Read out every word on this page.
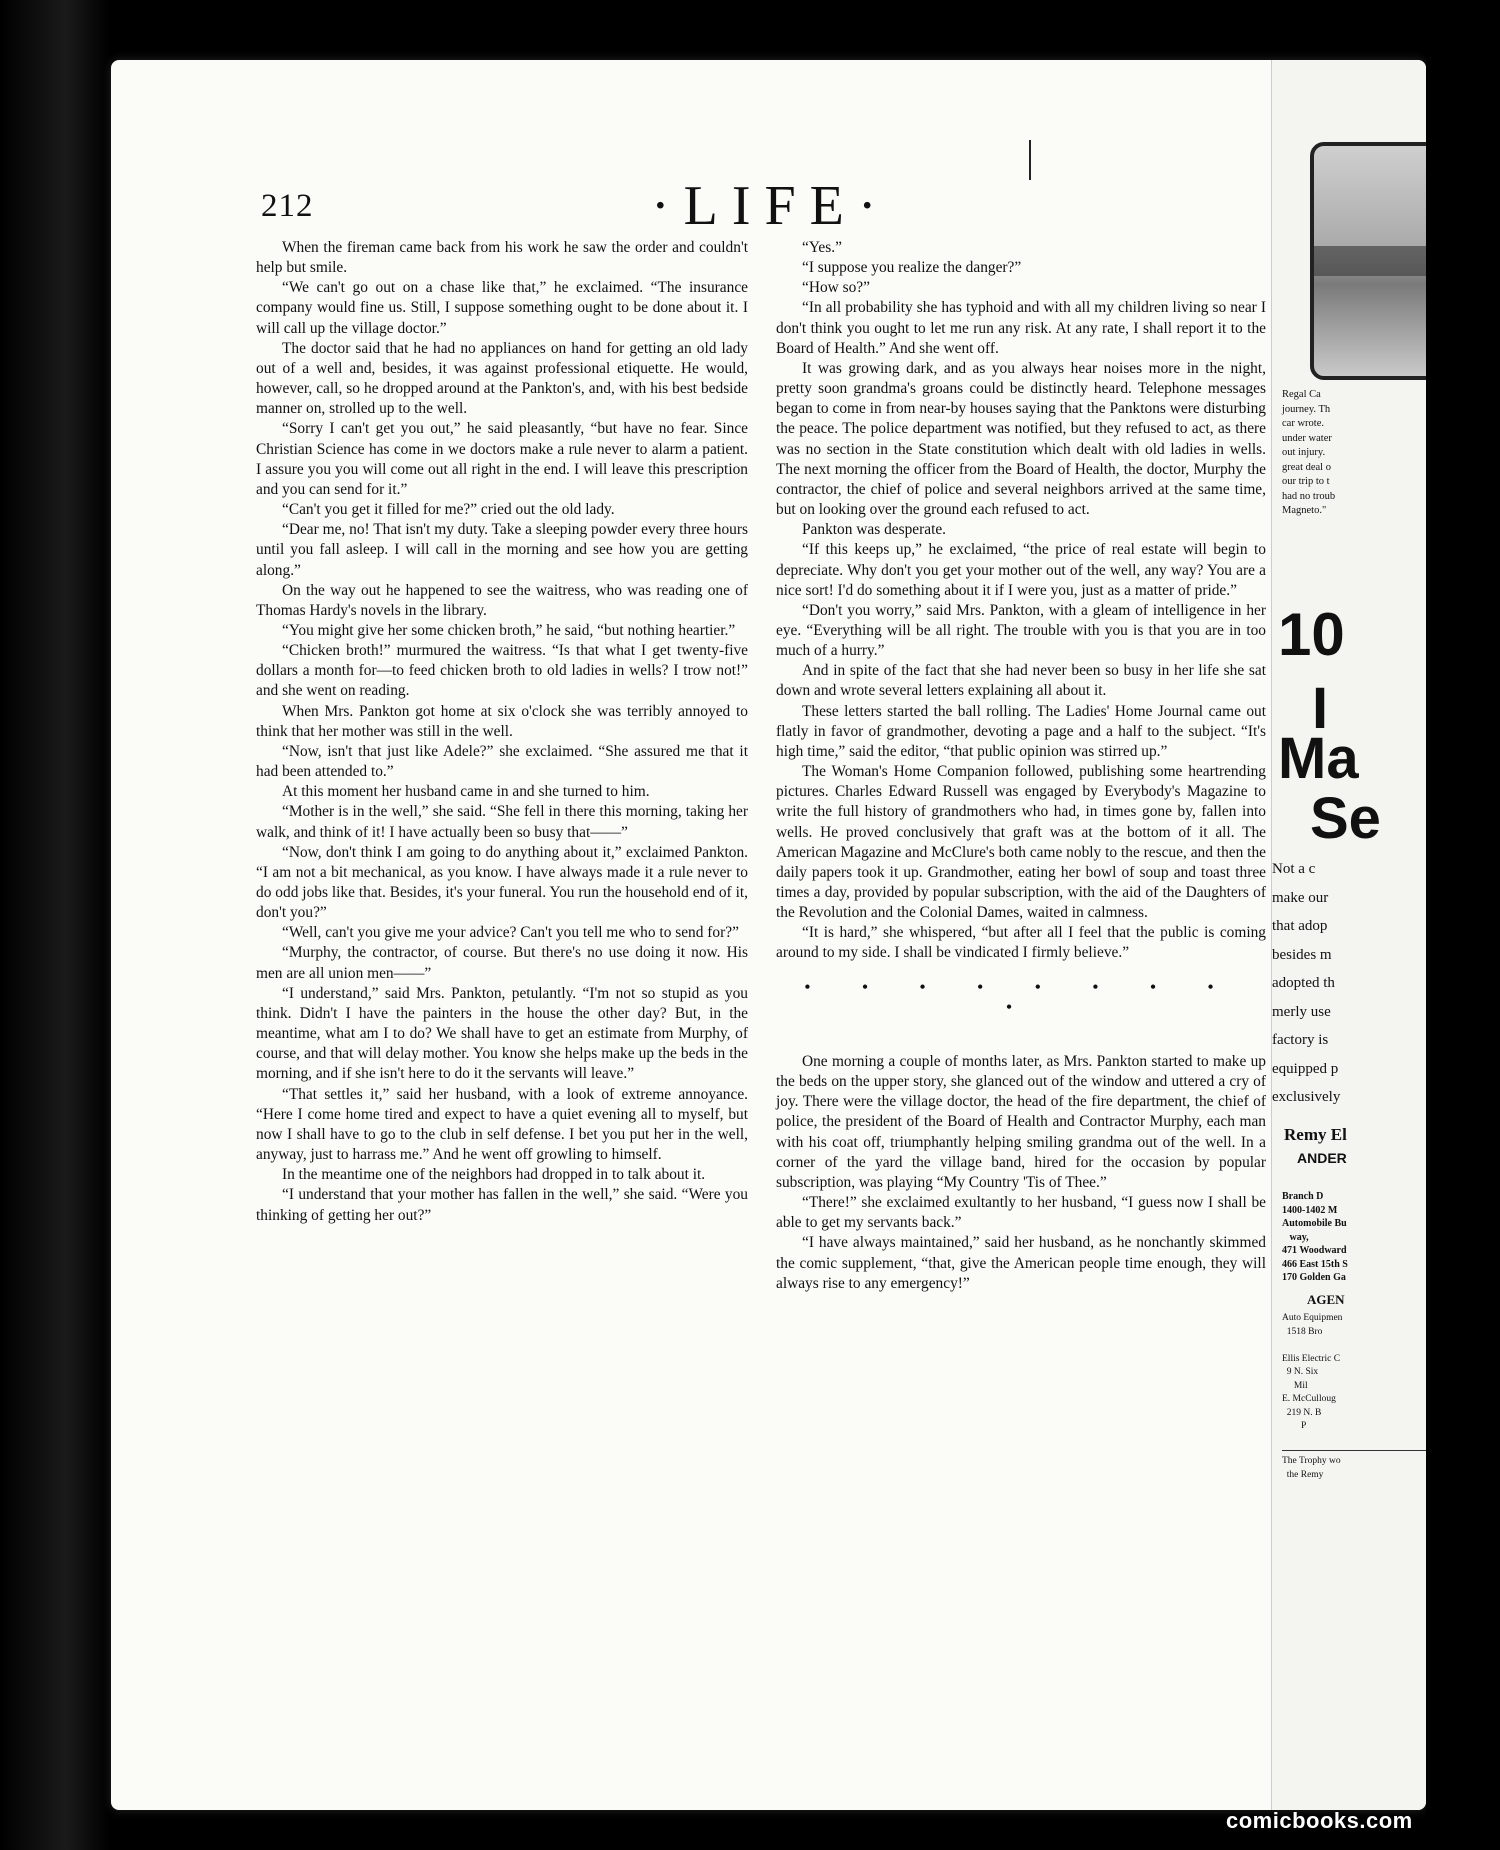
212	·LIFE·

When the fireman came back from his work he saw the order and couldn't help but smile.

“We can't go out on a chase like that,” he exclaimed. “The insurance company would fine us. Still, I suppose something ought to be done about it. I will call up the village doctor.”

The doctor said that he had no appliances on hand for getting an old lady out of a well and, besides, it was against professional etiquette. He would, however, call, so he dropped around at the Pankton's, and, with his best bedside manner on, strolled up to the well.

“Sorry I can't get you out,” he said pleasantly, “but have no fear. Since Christian Science has come in we doctors make a rule never to alarm a patient. I assure you you will come out all right in the end. I will leave this prescription and you can send for it.”

“Can't you get it filled for me?” cried out the old lady.

“Dear me, no! That isn't my duty. Take a sleeping powder every three hours until you fall asleep. I will call in the morning and see how you are getting along.”

On the way out he happened to see the waitress, who was reading one of Thomas Hardy's novels in the library.

“You might give her some chicken broth,” he said, “but nothing heartier.”

“Chicken broth!” murmured the waitress. “Is that what I get twenty-five dollars a month for—to feed chicken broth to old ladies in wells? I trow not!” and she went on reading.

When Mrs. Pankton got home at six o'clock she was terribly annoyed to think that her mother was still in the well.

“Now, isn't that just like Adele?” she exclaimed. “She assured me that it had been attended to.”

At this moment her husband came in and she turned to him.

“Mother is in the well,” she said. “She fell in there this morning, taking her walk, and think of it! I have actually been so busy that——”

“Now, don't think I am going to do anything about it,” exclaimed Pankton. “I am not a bit mechanical, as you know. I have always made it a rule never to do odd jobs like that. Besides, it's your funeral. You run the household end of it, don't you?”

“Well, can't you give me your advice? Can't you tell me who to send for?”

“Murphy, the contractor, of course. But there's no use doing it now. His men are all union men——”

“I understand,” said Mrs. Pankton, petulantly. “I'm not so stupid as you think. Didn't I have the painters in the house the other day? But, in the meantime, what am I to do? We shall have to get an estimate from Murphy, of course, and that will delay mother. You know she helps make up the beds in the morning, and if she isn't here to do it the servants will leave.”

“That settles it,” said her husband, with a look of extreme annoyance. “Here I come home tired and expect to have a quiet evening all to myself, but now I shall have to go to the club in self defense. I bet you put her in the well, anyway, just to harrass me.” And he went off growling to himself.

In the meantime one of the neighbors had dropped in to talk about it.

“I understand that your mother has fallen in the well,” she said. “Were you thinking of getting her out?”

“Yes.”

“I suppose you realize the danger?”

“How so?”

“In all probability she has typhoid and with all my children living so near I don't think you ought to let me run any risk. At any rate, I shall report it to the Board of Health.” And she went off.

It was growing dark, and as you always hear noises more in the night, pretty soon grandma's groans could be distinctly heard. Telephone messages began to come in from near-by houses saying that the Panktons were disturbing the peace. The police department was notified, but they refused to act, as there was no section in the State constitution which dealt with old ladies in wells. The next morning the officer from the Board of Health, the doctor, Murphy the contractor, the chief of police and several neighbors arrived at the same time, but on looking over the ground each refused to act.

Pankton was desperate.

“If this keeps up,” he exclaimed, “the price of real estate will begin to depreciate. Why don't you get your mother out of the well, any way? You are a nice sort! I'd do something about it if I were you, just as a matter of pride.”

“Don't you worry,” said Mrs. Pankton, with a gleam of intelligence in her eye. “Everything will be all right. The trouble with you is that you are in too much of a hurry.”

And in spite of the fact that she had never been so busy in her life she sat down and wrote several letters explaining all about it.

These letters started the ball rolling. The Ladies' Home Journal came out flatly in favor of grandmother, devoting a page and a half to the subject. “It's high time,” said the editor, “that public opinion was stirred up.”

The Woman's Home Companion followed, publishing some heartrending pictures. Charles Edward Russell was engaged by Everybody's Magazine to write the full history of grandmothers who had, in times gone by, fallen into wells. He proved conclusively that graft was at the bottom of it all. The American Magazine and McClure's both came nobly to the rescue, and then the daily papers took it up. Grandmother, eating her bowl of soup and toast three times a day, provided by popular subscription, with the aid of the Daughters of the Revolution and the Colonial Dames, waited in calmness.

“It is hard,” she whispered, “but after all I feel that the public is coming around to my side. I shall be vindicated I firmly believe.”

• • • • • • • • •

One morning a couple of months later, as Mrs. Pankton started to make up the beds on the upper story, she glanced out of the window and uttered a cry of joy. There were the village doctor, the head of the fire department, the chief of police, the president of the Board of Health and Contractor Murphy, each man with his coat off, triumphantly helping smiling grandma out of the well. In a corner of the yard the village band, hired for the occasion by popular subscription, was playing “My Country 'Tis of Thee.”

“There!” she exclaimed exultantly to her husband, “I guess now I shall be able to get my servants back.”

“I have always maintained,” said her husband, as he nonchantly skimmed the comic supplement, “that, give the American people time enough, they will always rise to any emergency!”

Regal Ca
journey. Th
car wrote.
under water
out injury.
great deal o
our trip to t
had no troub
Magneto."
10
I
Ma
Se
Not a c
make our
that adop
besides m
adopted th
merly use
factory is
equipped p
exclusively
Remy El
ANDER
Branch D
1400-1402 M
Automobile Bu
way,
471 Woodward
466 East 15th S
170 Golden Ga
AGEN
Auto Equipmen
1518 Bro

Ellis Electric C
9 N. Six
Mil
E. McCulloug
219 N. B
P
The Trophy wo
the Remy
comicbooks.com
